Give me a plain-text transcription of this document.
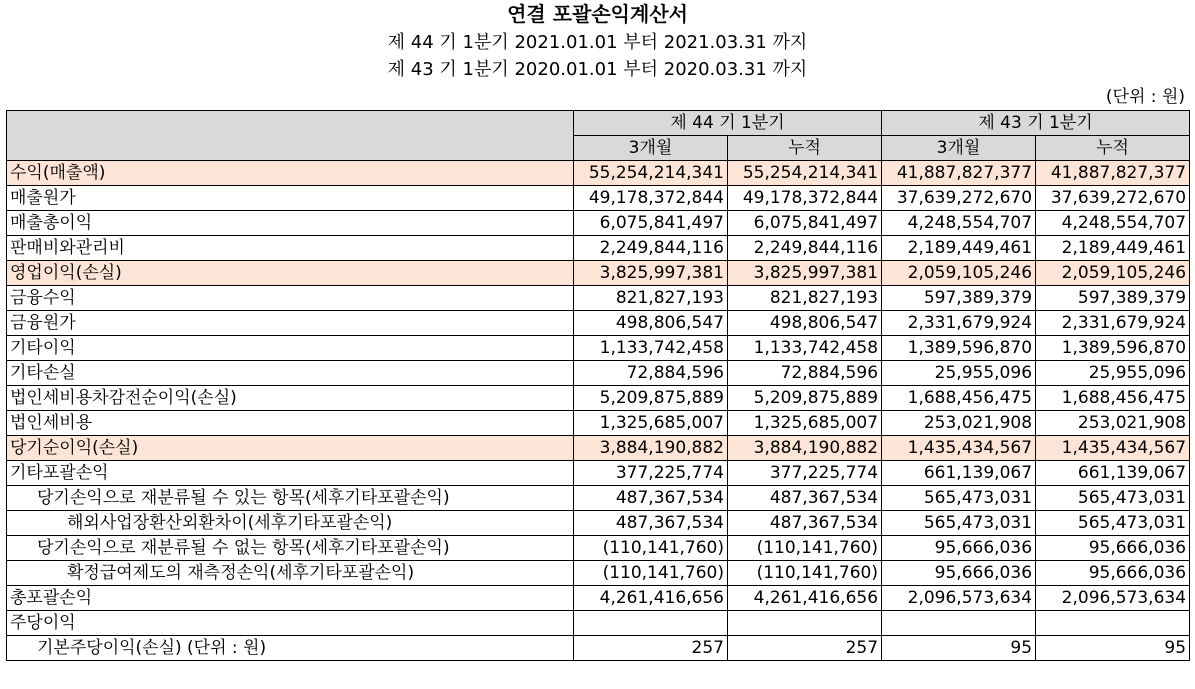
연결 포괄손익계산서
제 44 기 1분기 2021.01.01 부터 2021.03.31 까지
제 43 기 1분기 2020.01.01 부터 2020.03.31 까지
(단위 : 원)
	제 44 기 1분기		제 43 기 1분기	
	3개월	누적	3개월	누적
수익(매출액)	55,254,214,341	55,254,214,341	41,887,827,377	41,887,827,377
매출원가	49,178,372,844	49,178,372,844	37,639,272,670	37,639,272,670
매출총이익	6,075,841,497	6,075,841,497	4,248,554,707	4,248,554,707
판매비와관리비	2,249,844,116	2,249,844,116	2,189,449,461	2,189,449,461
영업이익(손실)	3,825,997,381	3,825,997,381	2,059,105,246	2,059,105,246
금융수익	821,827,193	821,827,193	597,389,379	597,389,379
금융원가	498,806,547	498,806,547	2,331,679,924	2,331,679,924
기타이익	1,133,742,458	1,133,742,458	1,389,596,870	1,389,596,870
기타손실	72,884,596	72,884,596	25,955,096	25,955,096
법인세비용차감전순이익(손실)	5,209,875,889	5,209,875,889	1,688,456,475	1,688,456,475
법인세비용	1,325,685,007	1,325,685,007	253,021,908	253,021,908
당기순이익(손실)	3,884,190,882	3,884,190,882	1,435,434,567	1,435,434,567
기타포괄손익	377,225,774	377,225,774	661,139,067	661,139,067
당기손익으로 재분류될 수 있는 항목(세후기타포괄손익)	487,367,534	487,367,534	565,473,031	565,473,031
해외사업장환산외환차이(세후기타포괄손익)	487,367,534	487,367,534	565,473,031	565,473,031
당기손익으로 재분류될 수 없는 항목(세후기타포괄손익)	(110,141,760)	(110,141,760)	95,666,036	95,666,036
확정급여제도의 재측정손익(세후기타포괄손익)	(110,141,760)	(110,141,760)	95,666,036	95,666,036
총포괄손익	4,261,416,656	4,261,416,656	2,096,573,634	2,096,573,634
주당이익				
기본주당이익(손실) (단위 : 원)	257	257	95	95
